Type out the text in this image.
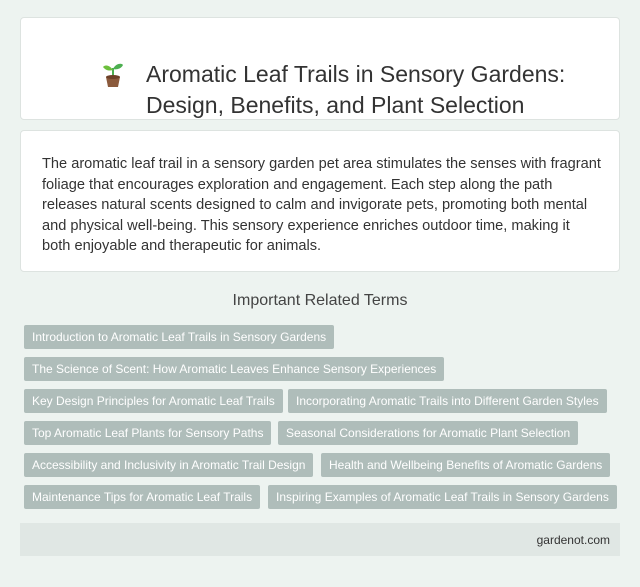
Aromatic Leaf Trails in Sensory Gardens: Design, Benefits, and Plant Selection

The aromatic leaf trail in a sensory garden pet area stimulates the senses with fragrant foliage that encourages exploration and engagement. Each step along the path releases natural scents designed to calm and invigorate pets, promoting both mental and physical well-being. This sensory experience enriches outdoor time, making it both enjoyable and therapeutic for animals.

Important Related Terms
Introduction to Aromatic Leaf Trails in Sensory Gardens
The Science of Scent: How Aromatic Leaves Enhance Sensory Experiences
Key Design Principles for Aromatic Leaf Trails	Incorporating Aromatic Trails into Different Garden Styles
Top Aromatic Leaf Plants for Sensory Paths	Seasonal Considerations for Aromatic Plant Selection
Accessibility and Inclusivity in Aromatic Trail Design	Health and Wellbeing Benefits of Aromatic Gardens
Maintenance Tips for Aromatic Leaf Trails	Inspiring Examples of Aromatic Leaf Trails in Sensory Gardens
gardenot.com
